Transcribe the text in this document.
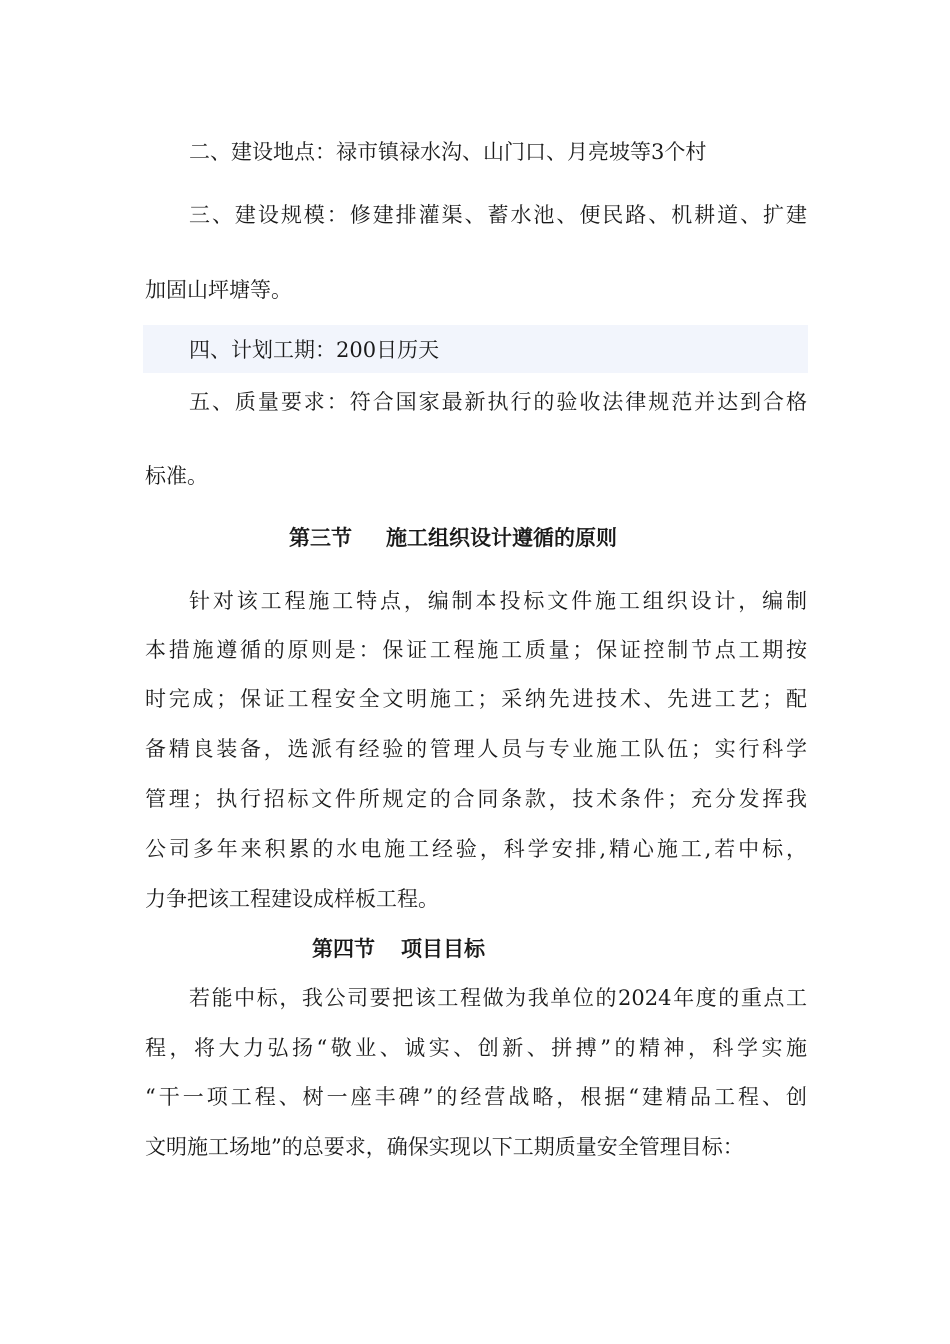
二、建设地点：禄市镇禄水沟、山门口、月亮坡等3个村
三、建设规模：修建排灌渠、蓄水池、便民路、机耕道、扩建
加固山坪塘等。
四、计划工期：200日历天
五、质量要求：符合国家最新执行的验收法律规范并达到合格
标准。
第三节 施工组织设计遵循的原则
针对该工程施工特点，编制本投标文件施工组织设计，编制
本措施遵循的原则是：保证工程施工质量；保证控制节点工期按
时完成；保证工程安全文明施工；采纳先进技术、先进工艺；配
备精良装备，选派有经验的管理人员与专业施工队伍；实行科学
管理；执行招标文件所规定的合同条款，技术条件；充分发挥我
公司多年来积累的水电施工经验，科学安排,精心施工,若中标，
力争把该工程建设成样板工程。
第四节 项目目标
若能中标，我公司要把该工程做为我单位的2024年度的重点工
程，将大力弘扬“敬业、诚实、创新、拼搏”的精神，科学实施
“干一项工程、树一座丰碑”的经营战略，根据“建精品工程、创
文明施工场地”的总要求，确保实现以下工期质量安全管理目标：
